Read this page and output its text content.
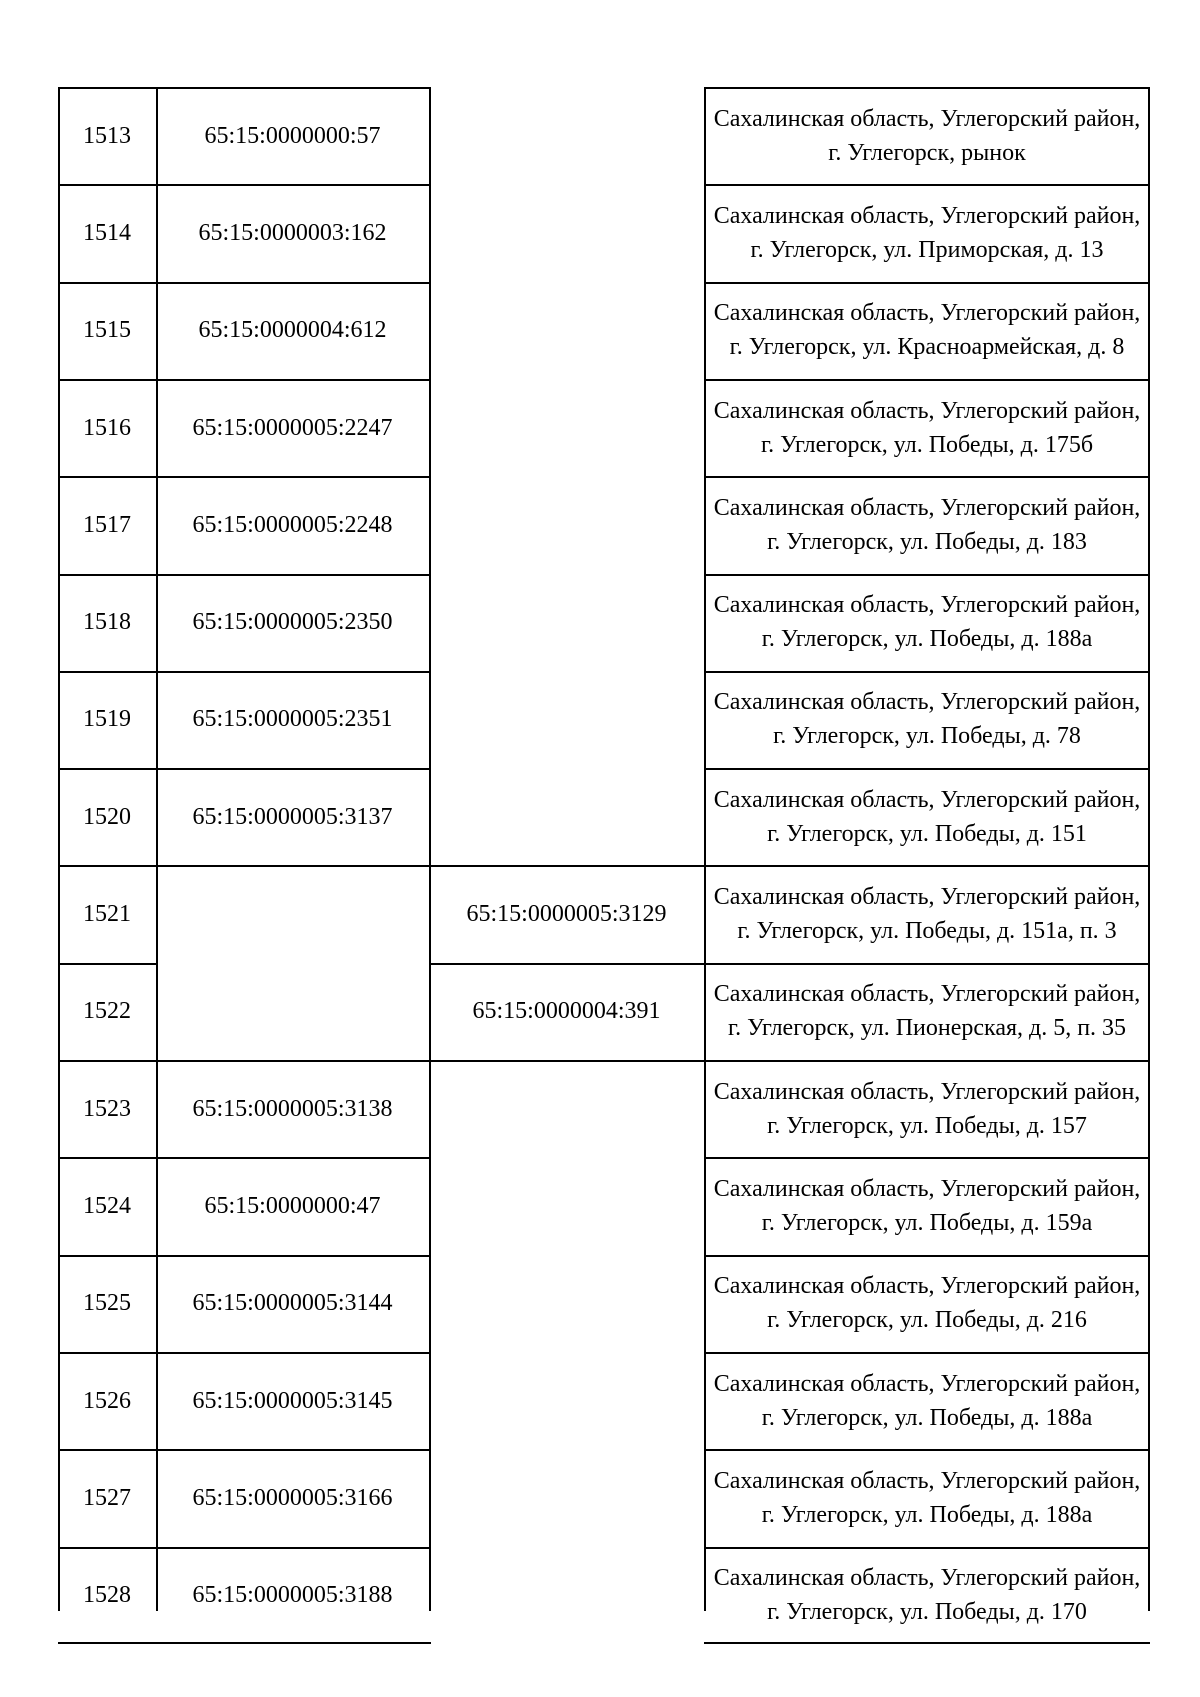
1513	65:15:0000000:57
Сахалинская область, Углегорский район, г. Углегорск, рынок
1514	65:15:0000003:162
Сахалинская область, Углегорский район, г. Углегорск, ул. Приморская, д. 13
1515	65:15:0000004:612
Сахалинская область, Углегорский район, г. Углегорск, ул. Красноармейская, д. 8
1516	65:15:0000005:2247
Сахалинская область, Углегорский район, г. Углегорск, ул. Победы, д. 175б
1517	65:15:0000005:2248
Сахалинская область, Углегорский район, г. Углегорск, ул. Победы, д. 183
1518	65:15:0000005:2350
Сахалинская область, Углегорский район, г. Углегорск, ул. Победы, д. 188а
1519	65:15:0000005:2351
Сахалинская область, Углегорский район, г. Углегорск, ул. Победы, д. 78
1520	65:15:0000005:3137
Сахалинская область, Углегорский район, г. Углегорск, ул. Победы, д. 151
1521	65:15:0000005:3129
Сахалинская область, Углегорский район, г. Углегорск, ул. Победы, д. 151а, п. 3
1522	65:15:0000004:391
Сахалинская область, Углегорский район, г. Углегорск, ул. Пионерская, д. 5, п. 35
1523	65:15:0000005:3138
Сахалинская область, Углегорский район, г. Углегорск, ул. Победы, д. 157
1524	65:15:0000000:47
Сахалинская область, Углегорский район, г. Углегорск, ул. Победы, д. 159а
1525	65:15:0000005:3144
Сахалинская область, Углегорский район, г. Углегорск, ул. Победы, д. 216
1526	65:15:0000005:3145
Сахалинская область, Углегорский район, г. Углегорск, ул. Победы, д. 188а
1527	65:15:0000005:3166
Сахалинская область, Углегорский район, г. Углегорск, ул. Победы, д. 188а
1528	65:15:0000005:3188
Сахалинская область, Углегорский район, г. Углегорск, ул. Победы, д. 170
